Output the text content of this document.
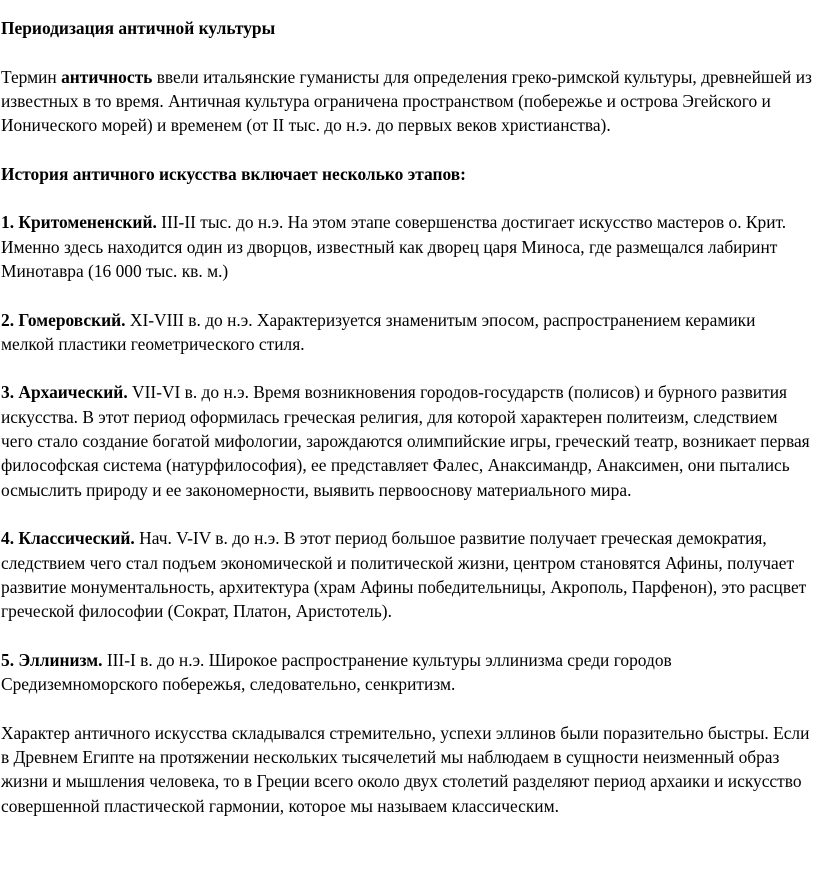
Периодизация античной культуры

Термин античность ввели итальянские гуманисты для определения греко-римской культуры, древнейшей из известных в то время. Античная культура ограничена пространством (побережье и острова Эгейского и Ионического морей) и временем (от II тыс. до н.э. до первых веков христианства).

История античного искусства включает несколько этапов:

1. Критомененский. III-II тыс. до н.э. На этом этапе совершенства достигает искусство мастеров о. Крит. Именно здесь находится один из дворцов, известный как дворец царя Миноса, где размещался лабиринт Минотавра (16 000 тыс. кв. м.)

2. Гомеровский. XI-VIII в. до н.э. Характеризуется знаменитым эпосом, распространением керамики мелкой пластики геометрического стиля.

3. Архаический. VII-VI в. до н.э. Время возникновения городов-государств (полисов) и бурного развития искусства. В этот период оформилась греческая религия, для которой характерен политеизм, следствием чего стало создание богатой мифологии, зарождаются олимпийские игры, греческий театр, возникает первая философская система (натурфилософия), ее представляет Фалес, Анаксимандр, Анаксимен, они пытались осмыслить природу и ее закономерности, выявить первооснову материального мира.

4. Классический. Нач. V-IV в. до н.э. В этот период большое развитие получает греческая демократия, следствием чего стал подъем экономической и политической жизни, центром становятся Афины, получает развитие монументальность, архитектура (храм Афины победительницы, Акрополь, Парфенон), это расцвет греческой философии (Сократ, Платон, Аристотель).

5. Эллинизм. III-I в. до н.э. Широкое распространение культуры эллинизма среди городов Средиземноморского побережья, следовательно, сенкритизм.

Характер античного искусства складывался стремительно, успехи эллинов были поразительно быстры. Если в Древнем Египте на протяжении нескольких тысячелетий мы наблюдаем в сущности неизменный образ жизни и мышления человека, то в Греции всего около двух столетий разделяют период архаики и искусство совершенной пластической гармонии, которое мы называем классическим.
